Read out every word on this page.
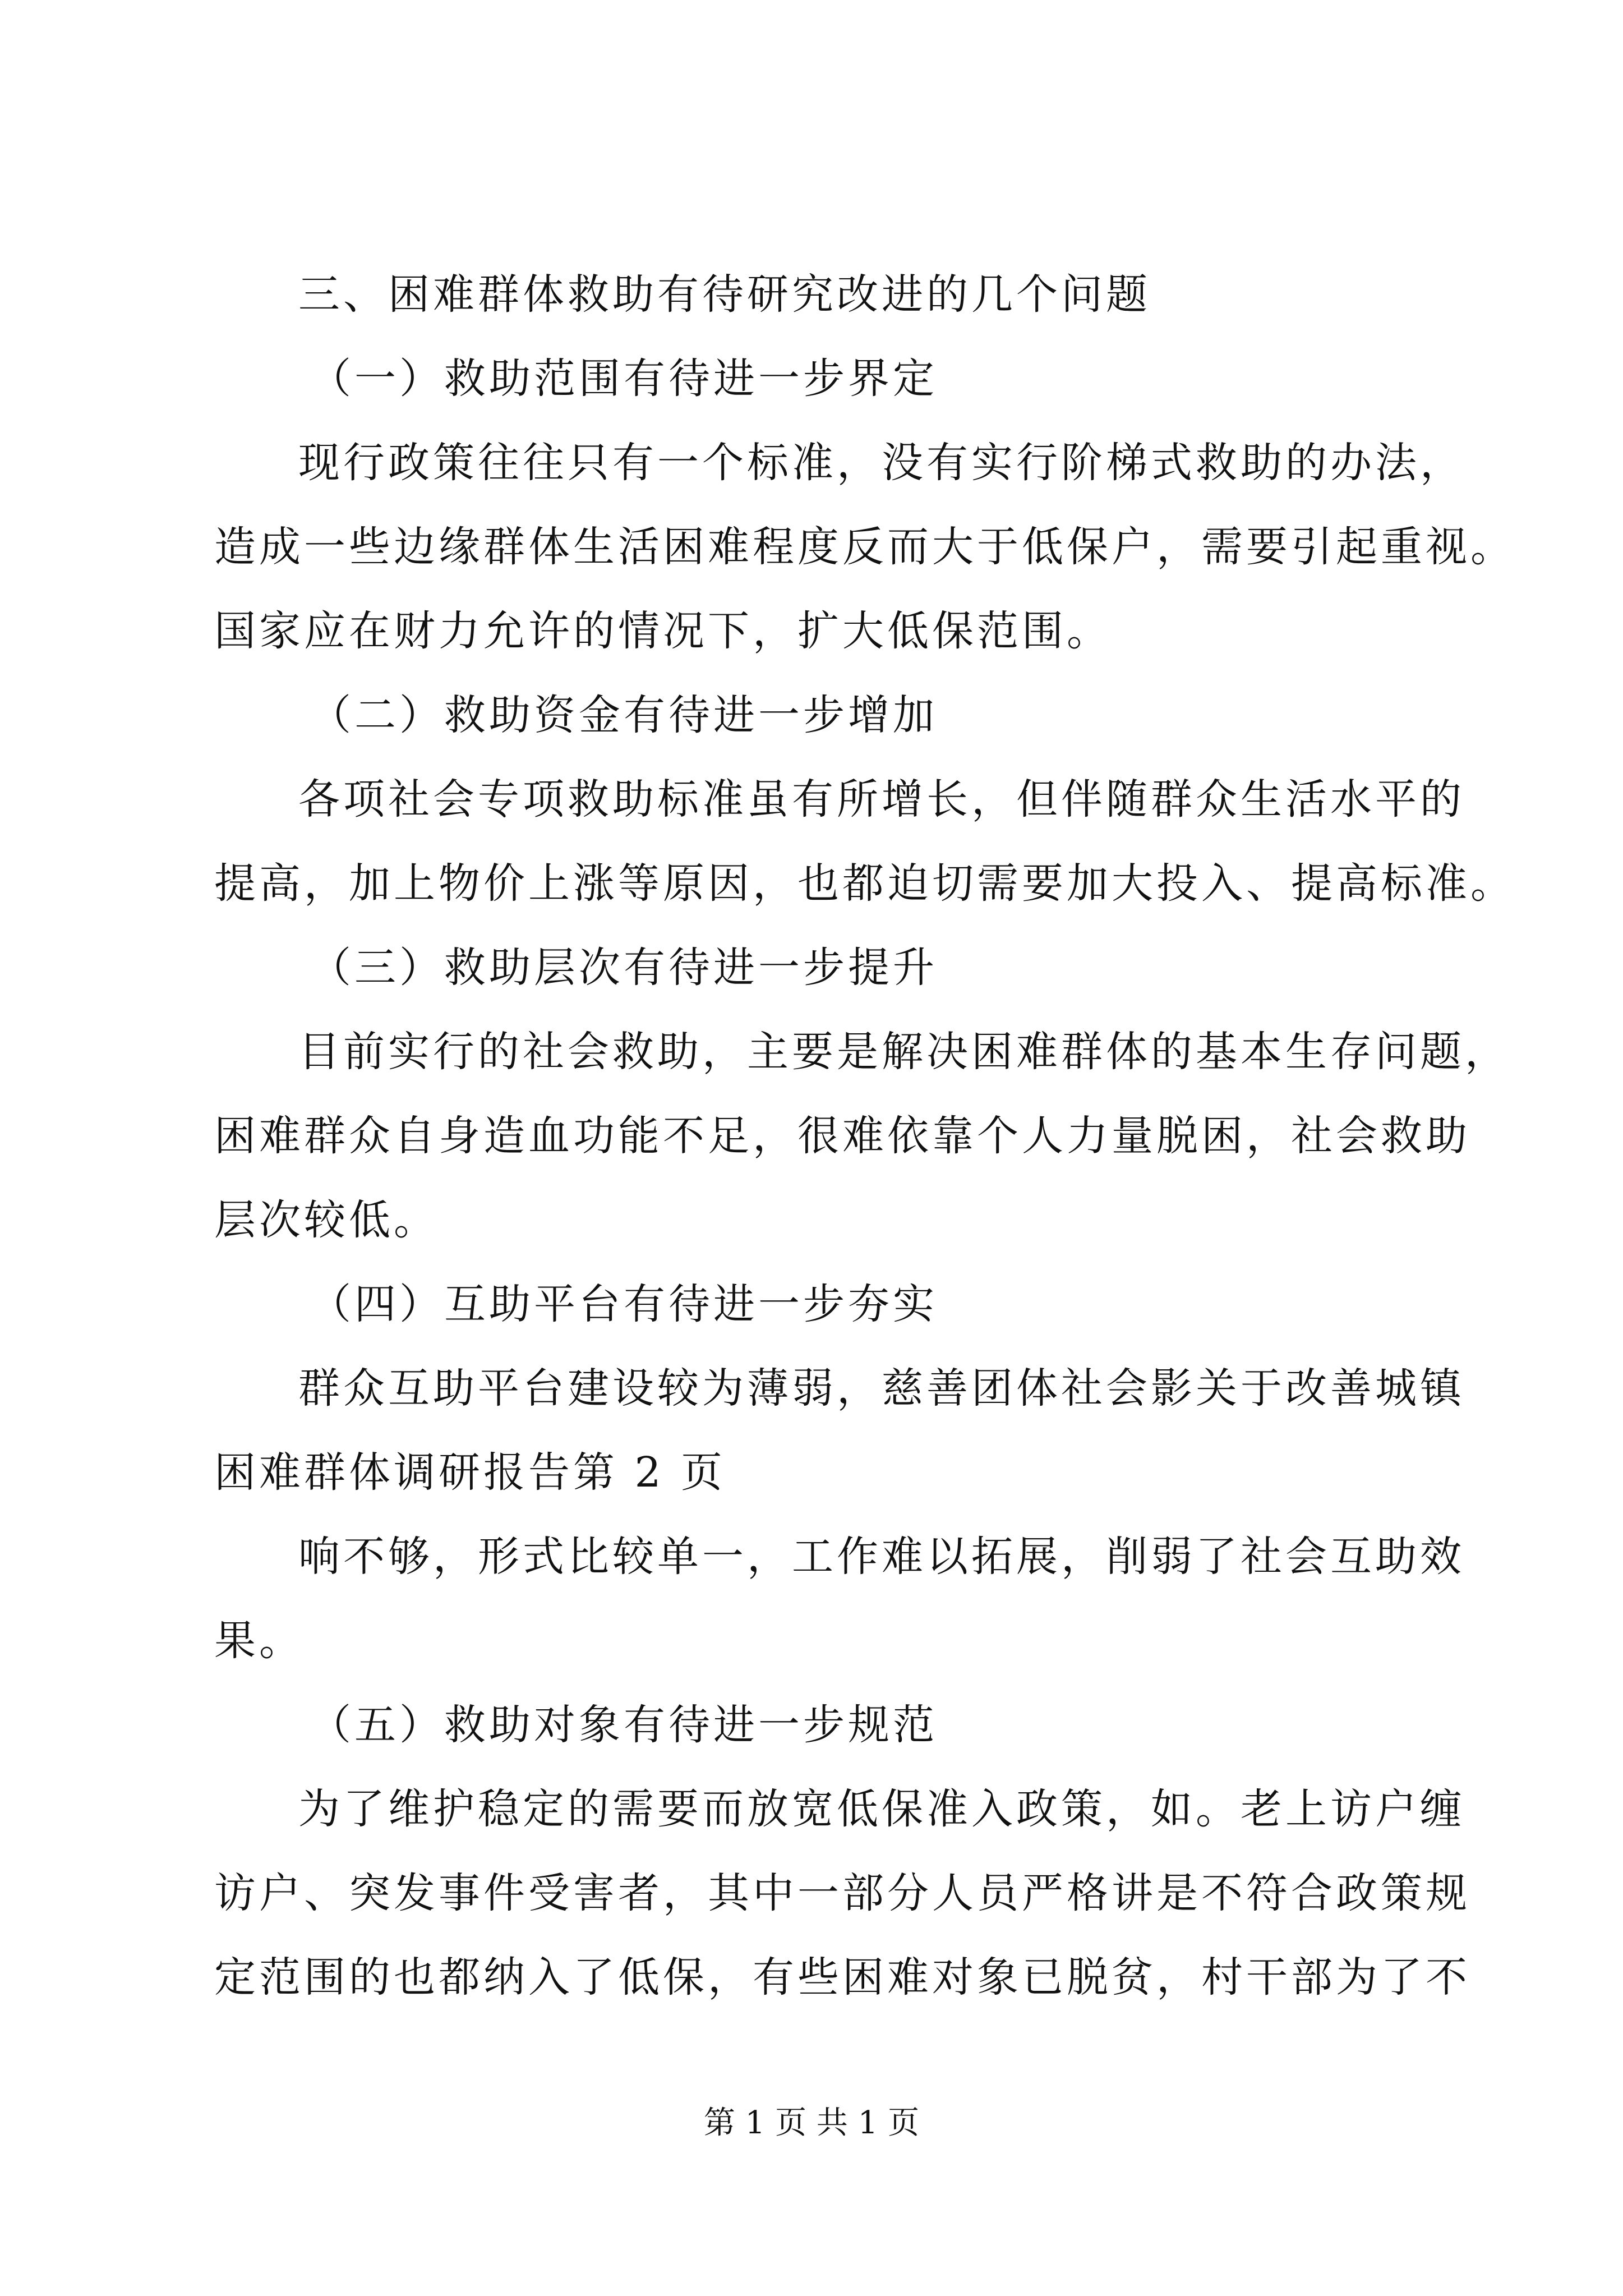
三、困难群体救助有待研究改进的几个问题
（一）救助范围有待进一步界定
现行政策往往只有一个标准，没有实行阶梯式救助的办法，
造成一些边缘群体生活困难程度反而大于低保户，需要引起重视。
国家应在财力允许的情况下，扩大低保范围。
（二）救助资金有待进一步增加
各项社会专项救助标准虽有所增长，但伴随群众生活水平的
提高，加上物价上涨等原因，也都迫切需要加大投入、提高标准。
（三）救助层次有待进一步提升
目前实行的社会救助，主要是解决困难群体的基本生存问题，
困难群众自身造血功能不足，很难依靠个人力量脱困，社会救助
层次较低。
（四）互助平台有待进一步夯实
群众互助平台建设较为薄弱，慈善团体社会影关于改善城镇
困难群体调研报告第 2 页
响不够，形式比较单一，工作难以拓展，削弱了社会互助效
果。
（五）救助对象有待进一步规范
为了维护稳定的需要而放宽低保准入政策，如。老上访户缠
访户、突发事件受害者，其中一部分人员严格讲是不符合政策规
定范围的也都纳入了低保，有些困难对象已脱贫，村干部为了不
第 1 页 共 1 页
